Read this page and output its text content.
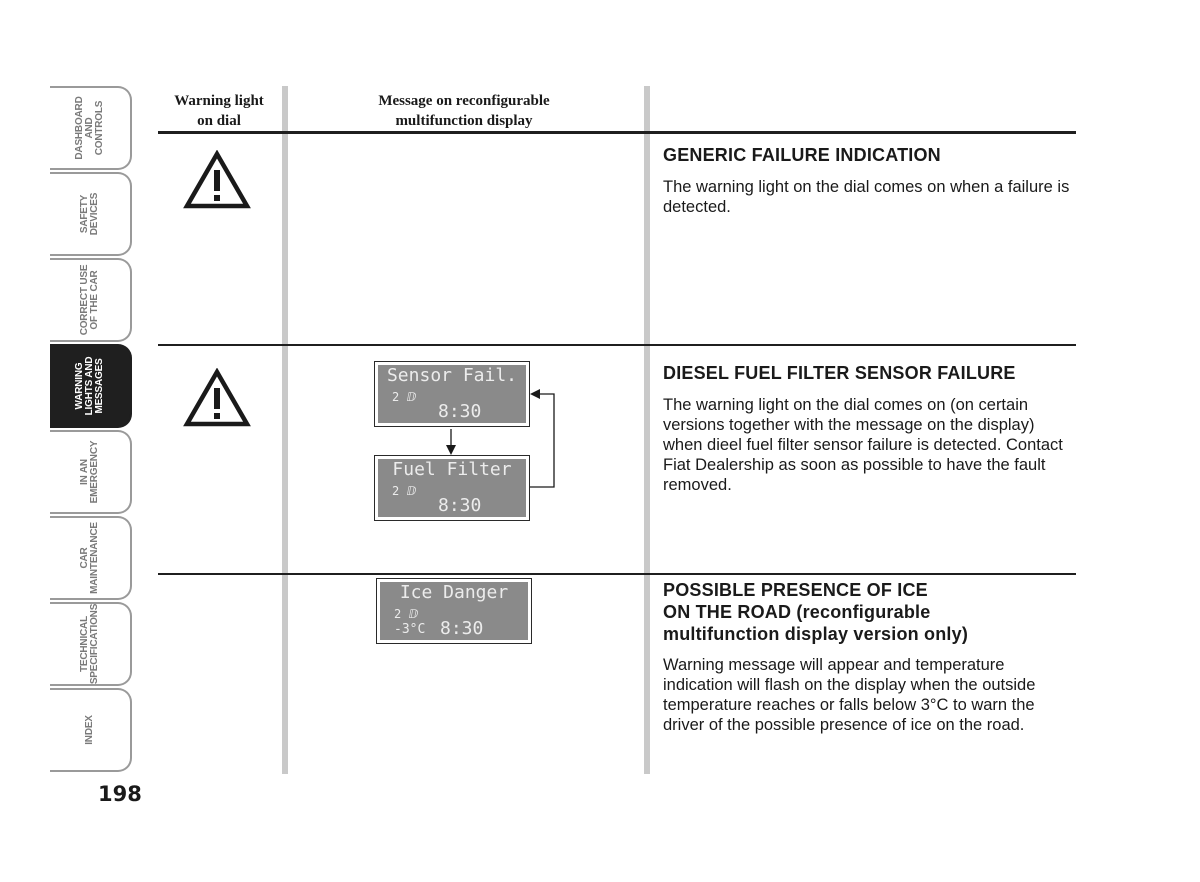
DASHBOARD
AND
CONTROLS
SAFETY
DEVICES
CORRECT USE
OF THE CAR
WARNING
LIGHTS AND
MESSAGES
IN AN
EMERGENCY
CAR
MAINTENANCE
TECHNICAL
SPECIFICATIONS
INDEX
198
Warning light
on dial
Message on reconfigurable
multifunction display
GENERIC FAILURE INDICATION
The warning light on the dial comes on when a failure is detected.
Sensor Fail.
2 ⅅ
8:30
Fuel Filter
2 ⅅ
8:30
DIESEL FUEL FILTER SENSOR FAILURE
The warning light on the dial comes on (on certain versions together with the message on the display) when dieel fuel filter sensor failure is detected. Contact Fiat Dealership as soon as possible to have the fault removed.
Ice Danger
2 ⅅ
-3°C 8:30
POSSIBLE PRESENCE OF ICE
ON THE ROAD (reconfigurable
multifunction display version only)
Warning message will appear and temperature indication will flash on the display when the outside temperature reaches or falls below 3°C to warn the driver of the possible presence of ice on the road.
